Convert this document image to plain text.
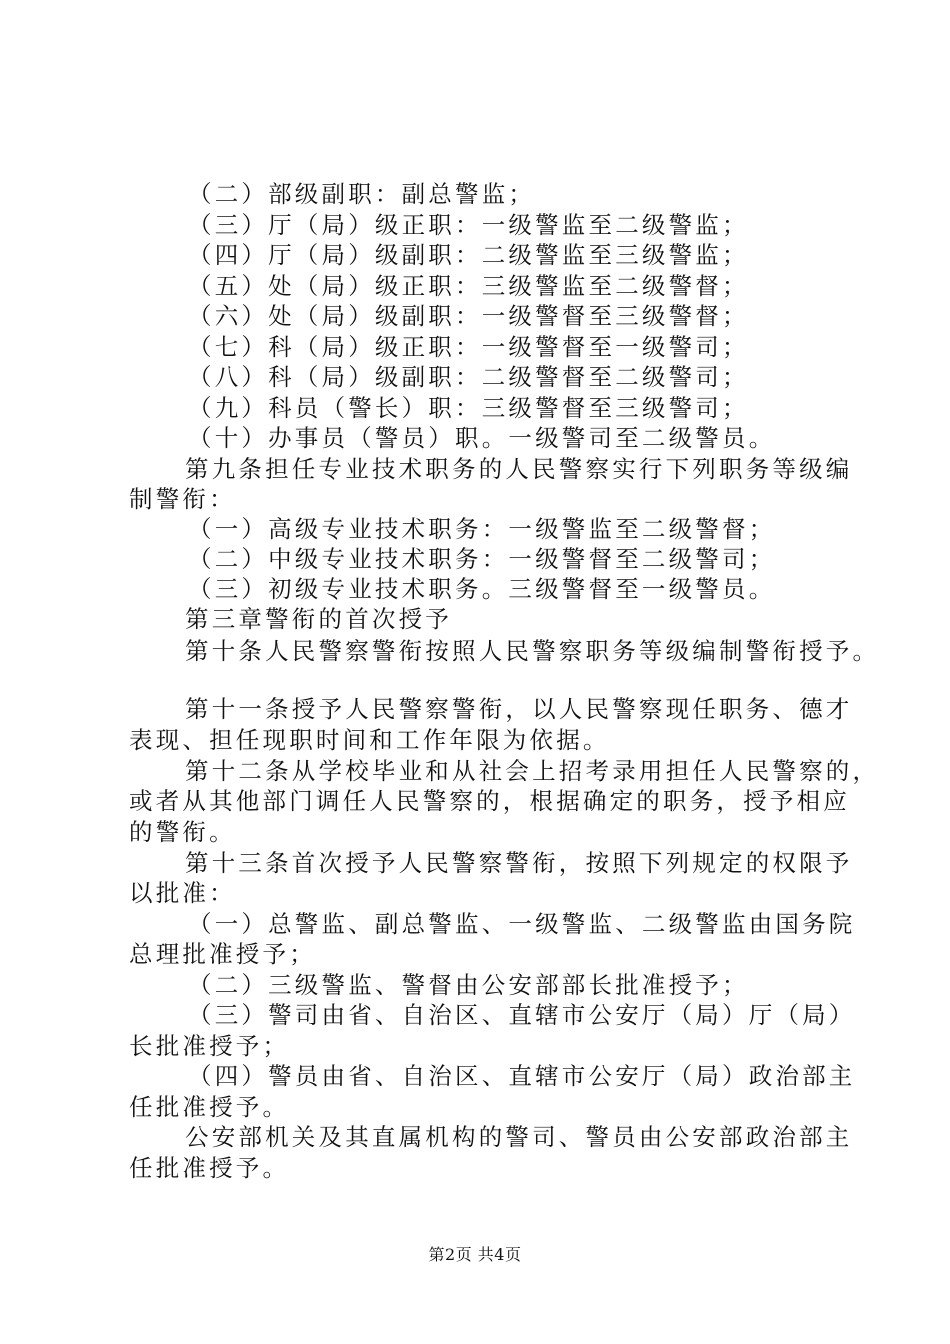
（二）部级副职：副总警监；
（三）厅（局）级正职：一级警监至二级警监；
（四）厅（局）级副职：二级警监至三级警监；
（五）处（局）级正职：三级警监至二级警督；
（六）处（局）级副职：一级警督至三级警督；
（七）科（局）级正职：一级警督至一级警司；
（八）科（局）级副职：二级警督至二级警司；
（九）科员（警长）职：三级警督至三级警司；
（十）办事员（警员）职。一级警司至二级警员。
第九条担任专业技术职务的人民警察实行下列职务等级编
制警衔：
（一）高级专业技术职务：一级警监至二级警督；
（二）中级专业技术职务：一级警督至二级警司；
（三）初级专业技术职务。三级警督至一级警员。
第三章警衔的首次授予
第十条人民警察警衔按照人民警察职务等级编制警衔授予。
第十一条授予人民警察警衔，以人民警察现任职务、德才
表现、担任现职时间和工作年限为依据。
第十二条从学校毕业和从社会上招考录用担任人民警察的，
或者从其他部门调任人民警察的，根据确定的职务，授予相应
的警衔。
第十三条首次授予人民警察警衔，按照下列规定的权限予
以批准：
（一）总警监、副总警监、一级警监、二级警监由国务院
总理批准授予；
（二）三级警监、警督由公安部部长批准授予；
（三）警司由省、自治区、直辖市公安厅（局）厅（局）
长批准授予；
（四）警员由省、自治区、直辖市公安厅（局）政治部主
任批准授予。
公安部机关及其直属机构的警司、警员由公安部政治部主
任批准授予。
第2页 共4页
